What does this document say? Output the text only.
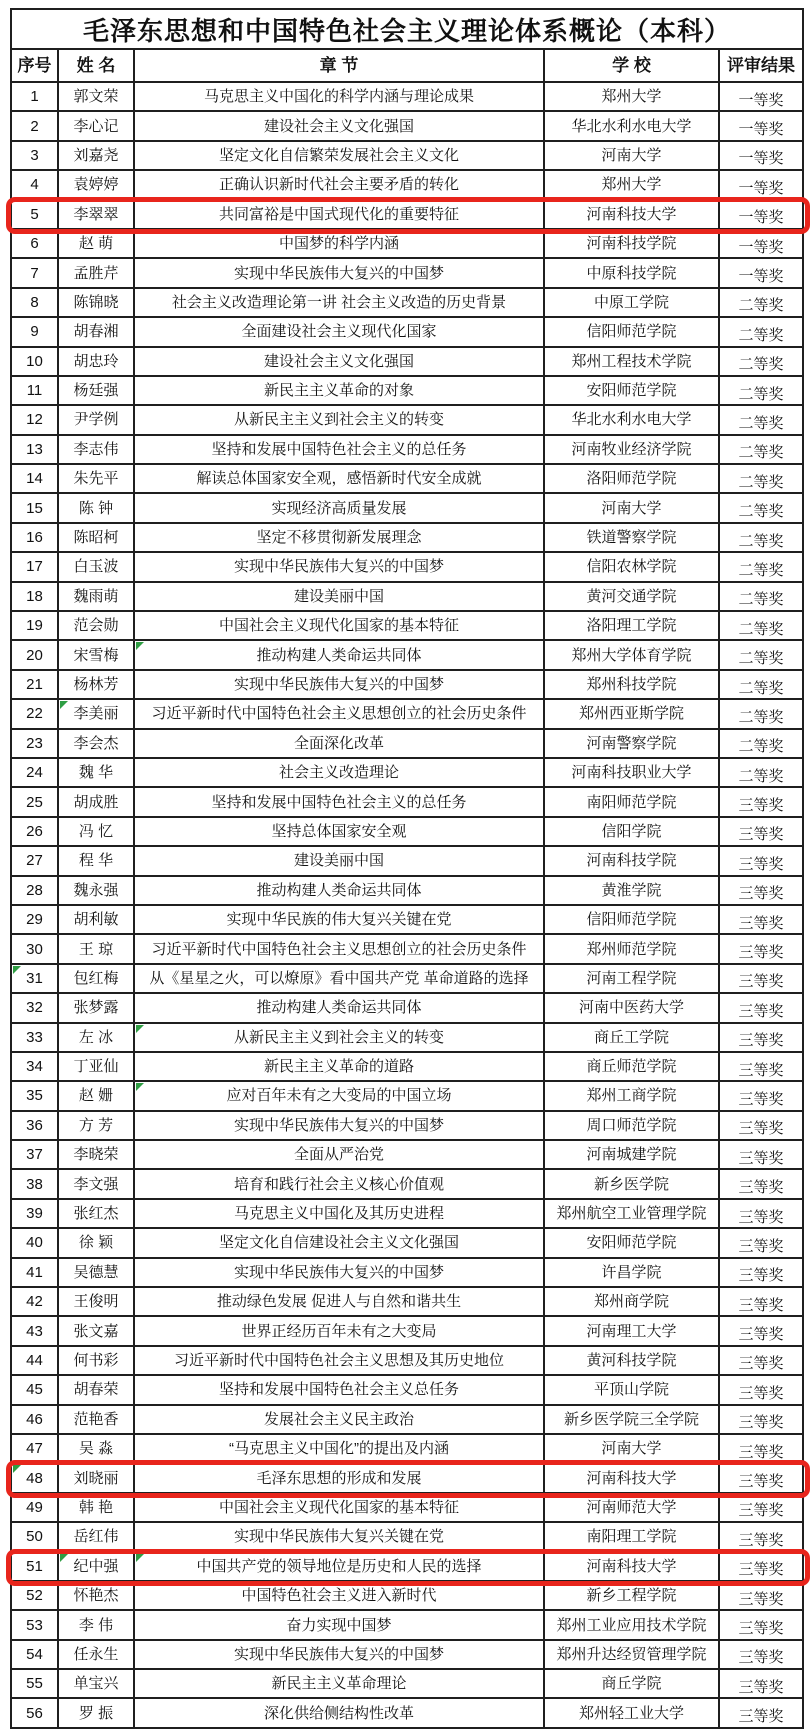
毛泽东思想和中国特色社会主义理论体系概论（本科）
序号	姓 名	章 节	学 校	评审结果
1	郭文荣	马克思主义中国化的科学内涵与理论成果	郑州大学	一等奖
2	李心记	建设社会主义文化强国	华北水利水电大学	一等奖
3	刘嘉尧	坚定文化自信繁荣发展社会主义文化	河南大学	一等奖
4	袁婷婷	正确认识新时代社会主要矛盾的转化	郑州大学	一等奖
5	李翠翠	共同富裕是中国式现代化的重要特征	河南科技大学	一等奖
6	赵 萌	中国梦的科学内涵	河南科技学院	一等奖
7	孟胜芹	实现中华民族伟大复兴的中国梦	中原科技学院	一等奖
8	陈锦晓	社会主义改造理论第一讲 社会主义改造的历史背景	中原工学院	二等奖
9	胡春湘	全面建设社会主义现代化国家	信阳师范学院	二等奖
10	胡忠玲	建设社会主义文化强国	郑州工程技术学院	二等奖
11	杨廷强	新民主主义革命的对象	安阳师范学院	二等奖
12	尹学例	从新民主主义到社会主义的转变	华北水利水电大学	二等奖
13	李志伟	坚持和发展中国特色社会主义的总任务	河南牧业经济学院	二等奖
14	朱先平	解读总体国家安全观，感悟新时代安全成就	洛阳师范学院	二等奖
15	陈 钟	实现经济高质量发展	河南大学	二等奖
16	陈昭柯	坚定不移贯彻新发展理念	铁道警察学院	二等奖
17	白玉波	实现中华民族伟大复兴的中国梦	信阳农林学院	二等奖
18	魏雨萌	建设美丽中国	黄河交通学院	二等奖
19	范会勋	中国社会主义现代化国家的基本特征	洛阳理工学院	二等奖
20	宋雪梅	推动构建人类命运共同体	郑州大学体育学院	二等奖
21	杨林芳	实现中华民族伟大复兴的中国梦	郑州科技学院	二等奖
22	李美丽	习近平新时代中国特色社会主义思想创立的社会历史条件	郑州西亚斯学院	二等奖
23	李会杰	全面深化改革	河南警察学院	二等奖
24	魏 华	社会主义改造理论	河南科技职业大学	二等奖
25	胡成胜	坚持和发展中国特色社会主义的总任务	南阳师范学院	三等奖
26	冯 忆	坚持总体国家安全观	信阳学院	三等奖
27	程 华	建设美丽中国	河南科技学院	三等奖
28	魏永强	推动构建人类命运共同体	黄淮学院	三等奖
29	胡利敏	实现中华民族的伟大复兴关键在党	信阳师范学院	三等奖
30	王 琼	习近平新时代中国特色社会主义思想创立的社会历史条件	郑州师范学院	三等奖
31	包红梅	从《星星之火，可以燎原》看中国共产党 革命道路的选择	河南工程学院	三等奖
32	张梦露	推动构建人类命运共同体	河南中医药大学	三等奖
33	左 冰	从新民主主义到社会主义的转变	商丘工学院	三等奖
34	丁亚仙	新民主主义革命的道路	商丘师范学院	三等奖
35	赵 姗	应对百年未有之大变局的中国立场	郑州工商学院	三等奖
36	方 芳	实现中华民族伟大复兴的中国梦	周口师范学院	三等奖
37	李晓荣	全面从严治党	河南城建学院	三等奖
38	李文强	培育和践行社会主义核心价值观	新乡医学院	三等奖
39	张红杰	马克思主义中国化及其历史进程	郑州航空工业管理学院	三等奖
40	徐 颖	坚定文化自信建设社会主义文化强国	安阳师范学院	三等奖
41	吴德慧	实现中华民族伟大复兴的中国梦	许昌学院	三等奖
42	王俊明	推动绿色发展 促进人与自然和谐共生	郑州商学院	三等奖
43	张文嘉	世界正经历百年未有之大变局	河南理工大学	三等奖
44	何书彩	习近平新时代中国特色社会主义思想及其历史地位	黄河科技学院	三等奖
45	胡春荣	坚持和发展中国特色社会主义总任务	平顶山学院	三等奖
46	范艳香	发展社会主义民主政治	新乡医学院三全学院	三等奖
47	吴 淼	“马克思主义中国化”的提出及内涵	河南大学	三等奖
48	刘晓丽	毛泽东思想的形成和发展	河南科技大学	三等奖
49	韩 艳	中国社会主义现代化国家的基本特征	河南师范大学	三等奖
50	岳红伟	实现中华民族伟大复兴关键在党	南阳理工学院	三等奖
51	纪中强	中国共产党的领导地位是历史和人民的选择	河南科技大学	三等奖
52	怀艳杰	中国特色社会主义进入新时代	新乡工程学院	三等奖
53	李 伟	奋力实现中国梦	郑州工业应用技术学院	三等奖
54	任永生	实现中华民族伟大复兴的中国梦	郑州升达经贸管理学院	三等奖
55	单宝兴	新民主主义革命理论	商丘学院	三等奖
56	罗 振	深化供给侧结构性改革	郑州轻工业大学	三等奖
